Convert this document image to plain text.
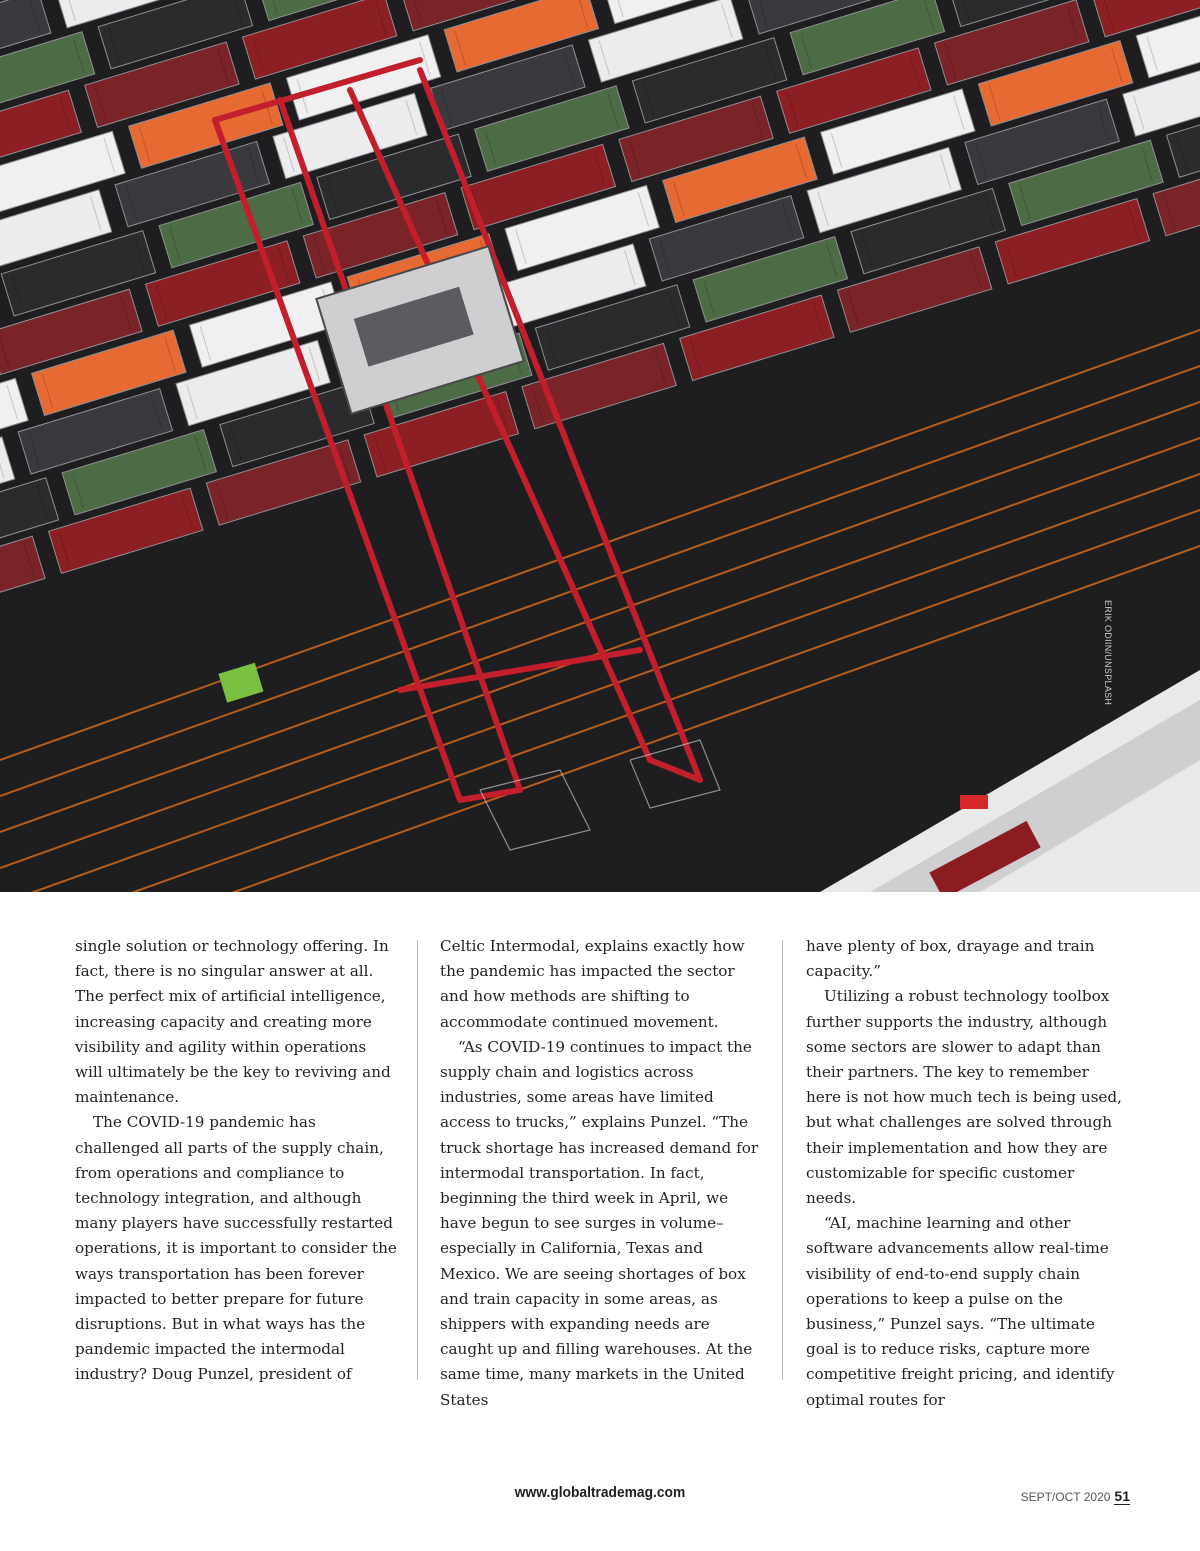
ERIK ODIIN/UNSPLASH

single solution or technology offering. In fact, there is no singular answer at all. The perfect mix of artificial intelligence, increasing capacity and creating more visibility and agility within operations will ultimately be the key to reviving and maintenance.

The COVID-19 pandemic has challenged all parts of the supply chain, from operations and compliance to technology integration, and although many players have successfully restarted operations, it is important to consider the ways transportation has been forever impacted to better prepare for future disruptions. But in what ways has the pandemic impacted the intermodal industry? Doug Punzel, president of

Celtic Intermodal, explains exactly how the pandemic has impacted the sector and how methods are shifting to accommodate continued movement.

“As COVID-19 continues to impact the supply chain and logistics across industries, some areas have limited access to trucks,” explains Punzel. “The truck shortage has increased demand for intermodal transportation. In fact, beginning the third week in April, we have begun to see surges in volume–especially in California, Texas and Mexico. We are seeing shortages of box and train capacity in some areas, as shippers with expanding needs are caught up and filling warehouses. At the same time, many markets in the United States

have plenty of box, drayage and train capacity.”

Utilizing a robust technology toolbox further supports the industry, although some sectors are slower to adapt than their partners. The key to remember here is not how much tech is being used, but what challenges are solved through their implementation and how they are customizable for specific customer needs.

“AI, machine learning and other software advancements allow real-time visibility of end-to-end supply chain operations to keep a pulse on the business,” Punzel says. “The ultimate goal is to reduce risks, capture more competitive freight pricing, and identify optimal routes for

www.globaltrademag.com	SEPT/OCT 2020 51
